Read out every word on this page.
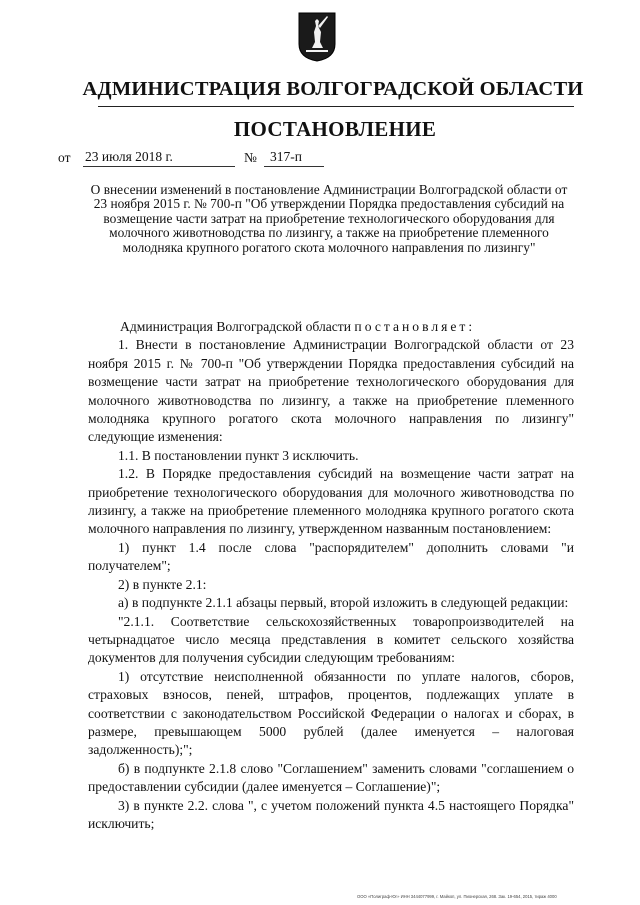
АДМИНИСТРАЦИЯ ВОЛГОГРАДСКОЙ ОБЛАСТИ
ПОСТАНОВЛЕНИЕ
от 23 июля 2018 г.	№ 317-п
О внесении изменений в постановление Администрации Волгоградской области от 23 ноября 2015 г. № 700-п "Об утверждении Порядка предоставления субсидий на возмещение части затрат на приобретение технологического оборудования для молочного животноводства по лизингу, а также на приобретение племенного молодняка крупного рогатого скота молочного направления по лизингу"

Администрация Волгоградской области постановляет:

1. Внести в постановление Администрации Волгоградской области от 23 ноября 2015 г. № 700-п "Об утверждении Порядка предоставления субсидий на возмещение части затрат на приобретение технологического оборудования для молочного животноводства по лизингу, а также на приобретение племенного молодняка крупного рогатого скота молочного направления по лизингу" следующие изменения:

1.1. В постановлении пункт 3 исключить.

1.2. В Порядке предоставления субсидий на возмещение части затрат на приобретение технологического оборудования для молочного животноводства по лизингу, а также на приобретение племенного молодняка крупного рогатого скота молочного направления по лизингу, утвержденном названным постановлением:

1) пункт 1.4 после слова "распорядителем" дополнить словами "и получателем";

2) в пункте 2.1:

а) в подпункте 2.1.1 абзацы первый, второй изложить в следующей редакции:

"2.1.1. Соответствие сельскохозяйственных товаропроизводителей на четырнадцатое число месяца представления в комитет сельского хозяйства документов для получения субсидии следующим требованиям:

1) отсутствие неисполненной обязанности по уплате налогов, сборов, страховых взносов, пеней, штрафов, процентов, подлежащих уплате в соответствии с законодательством Российской Федерации о налогах и сборах, в размере, превышающем 5000 рублей (далее именуется – налоговая задолженность);";

б) в подпункте 2.1.8 слово "Соглашением" заменить словами "соглашением о предоставлении субсидии (далее именуется – Соглашение)";

3) в пункте 2.2. слова ", с учетом положений пункта 4.5 настоящего Порядка" исключить;

ООО «Полиграф-Юг» ИНН 3444077999, г. Майкоп, ул. Пионерская, 268. Зак. 19-654, 2015, тираж 4000
